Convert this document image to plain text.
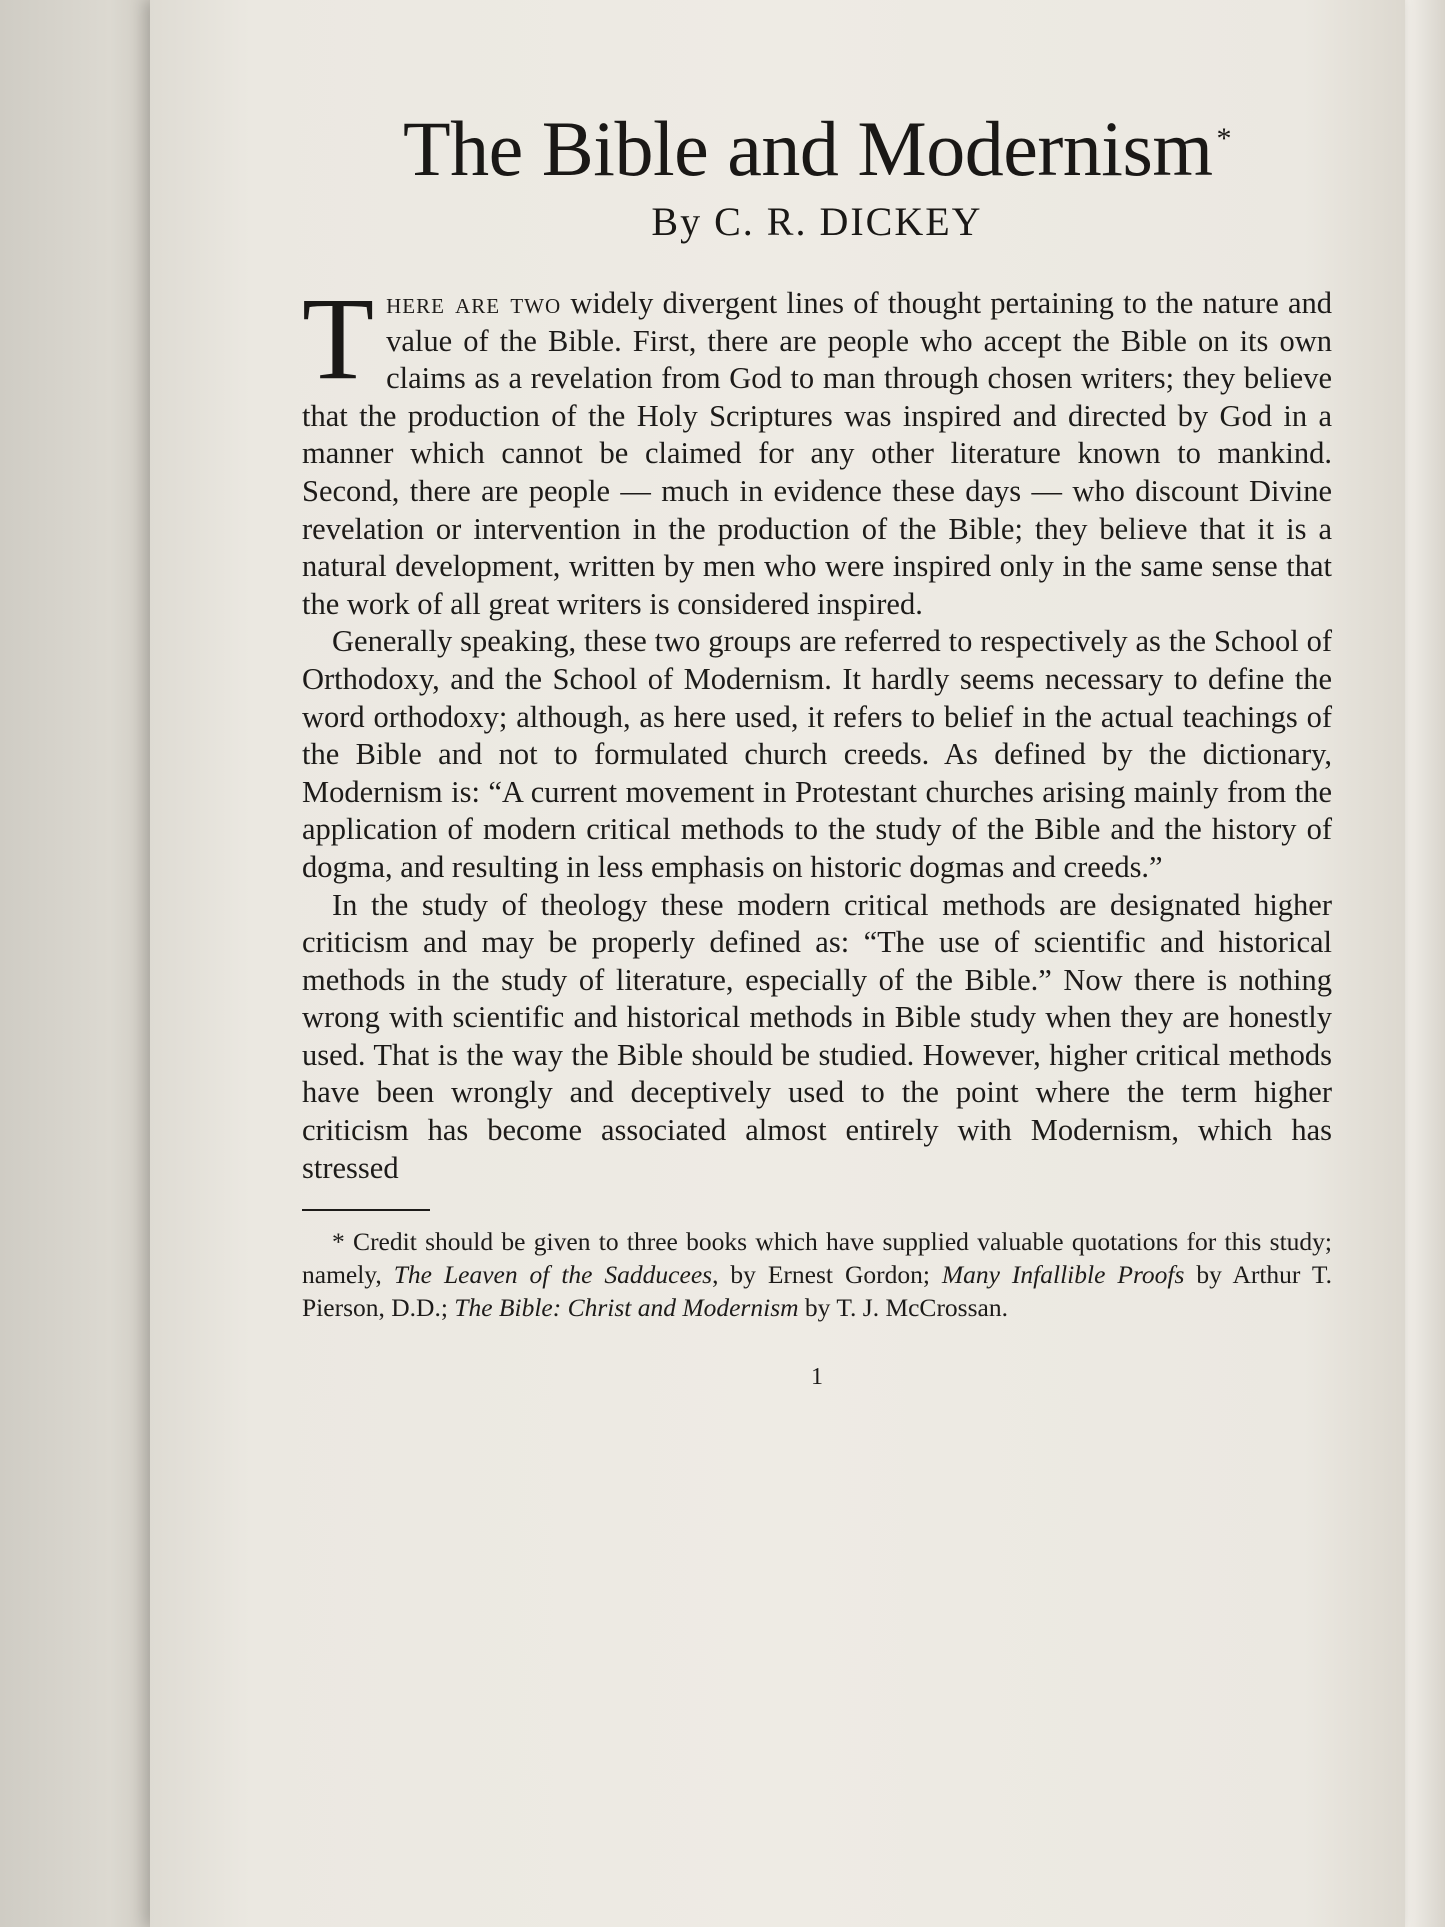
The Bible and Modernism *
By C. R. DICKEY

There are two widely divergent lines of thought pertaining to the nature and value of the Bible. First, there are people who accept the Bible on its own claims as a revelation from God to man through chosen writers; they believe that the production of the Holy Scriptures was inspired and directed by God in a manner which cannot be claimed for any other literature known to mankind. Second, there are people — much in evidence these days — who discount Divine revelation or intervention in the production of the Bible; they believe that it is a natural development, written by men who were inspired only in the same sense that the work of all great writers is considered inspired.

Generally speaking, these two groups are referred to respectively as the School of Orthodoxy, and the School of Modernism. It hardly seems necessary to define the word orthodoxy; although, as here used, it refers to belief in the actual teachings of the Bible and not to formulated church creeds. As defined by the dictionary, Modernism is: “A current movement in Protestant churches arising mainly from the application of modern critical methods to the study of the Bible and the history of dogma, and resulting in less emphasis on historic dogmas and creeds.”

In the study of theology these modern critical methods are designated higher criticism and may be properly defined as: “The use of scientific and historical methods in the study of literature, especially of the Bible.” Now there is nothing wrong with scientific and historical methods in Bible study when they are honestly used. That is the way the Bible should be studied. However, higher critical methods have been wrongly and deceptively used to the point where the term higher criticism has become associated almost entirely with Modernism, which has stressed

* Credit should be given to three books which have supplied valuable quotations for this study; namely, The Leaven of the Sadducees, by Ernest Gordon; Many Infallible Proofs by Arthur T. Pierson, D.D.; The Bible: Christ and Modernism by T. J. McCrossan.

1
